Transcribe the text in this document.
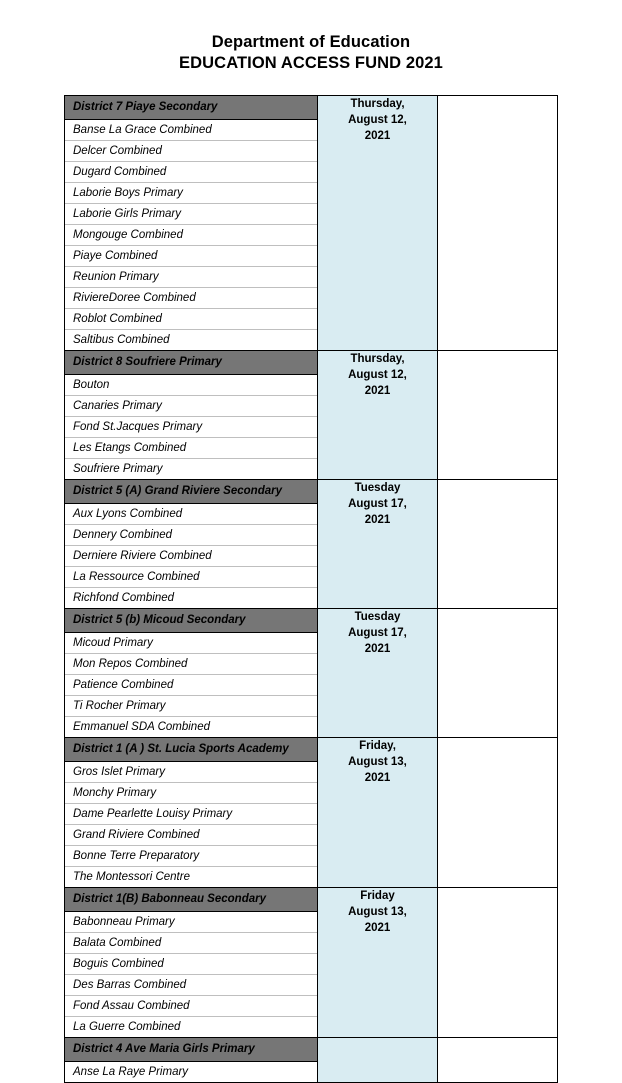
Department of Education
EDUCATION ACCESS FUND 2021
District 7 Piaye Secondary
Banse La Grace Combined
Delcer Combined
Dugard Combined
Laborie Boys Primary
Laborie Girls Primary
Mongouge Combined
Piaye Combined
Reunion Primary
RiviereDoree Combined
Roblot Combined
Saltibus Combined
	Thursday,
August 12,
2021	

District 8 Soufriere Primary
Bouton
Canaries Primary
Fond St.Jacques Primary
Les Etangs Combined
Soufriere Primary
	Thursday,
August 12,
2021	

District 5 (A) Grand Riviere Secondary
Aux Lyons Combined
Dennery Combined
Derniere Riviere Combined
La Ressource Combined
Richfond Combined
	Tuesday
August 17,
2021	

District 5 (b) Micoud Secondary
Micoud Primary
Mon Repos Combined
Patience Combined
Ti Rocher Primary
Emmanuel SDA Combined
	Tuesday
August 17,
2021	

District 1 (A ) St. Lucia Sports Academy
Gros Islet Primary
Monchy Primary
Dame Pearlette Louisy Primary
Grand Riviere Combined
Bonne Terre Preparatory
The Montessori Centre
	Friday,
August 13,
2021	

District 1(B) Babonneau Secondary
Babonneau Primary
Balata Combined
Boguis Combined
Des Barras Combined
Fond Assau Combined
La Guerre Combined
	Friday
August 13,
2021	

District 4 Ave Maria Girls Primary
Anse La Raye Primary		
